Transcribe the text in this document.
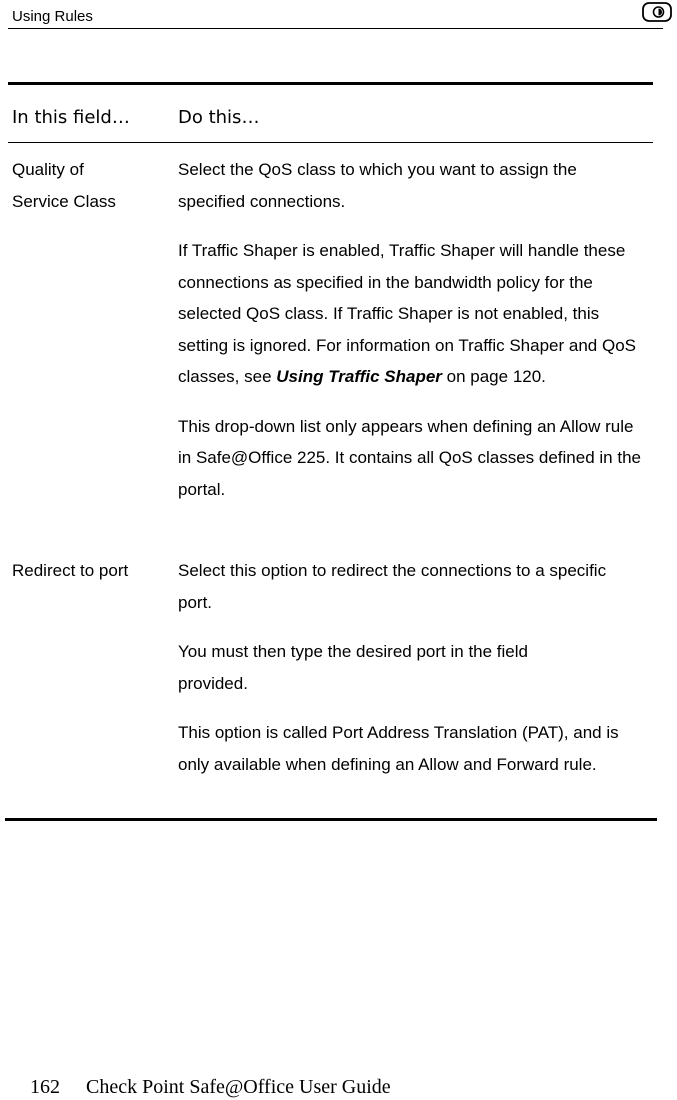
Using Rules
In this field…	Do this…
Quality of
Service Class

Select the QoS class to which you want to assign the specified connections.

If Traffic Shaper is enabled, Traffic Shaper will handle these connections as specified in the bandwidth policy for the selected QoS class. If Traffic Shaper is not enabled, this setting is ignored. For information on Traffic Shaper and QoS classes, see Using Traffic Shaper on page 120.

This drop-down list only appears when defining an Allow rule in Safe@Office 225. It contains all QoS classes defined in the portal.

Redirect to port	Select this option to redirect the connections to a specific port.

You must then type the desired port in the field provided.

This option is called Port Address Translation (PAT), and is only available when defining an Allow and Forward rule.

162 Check Point Safe@Office User Guide
